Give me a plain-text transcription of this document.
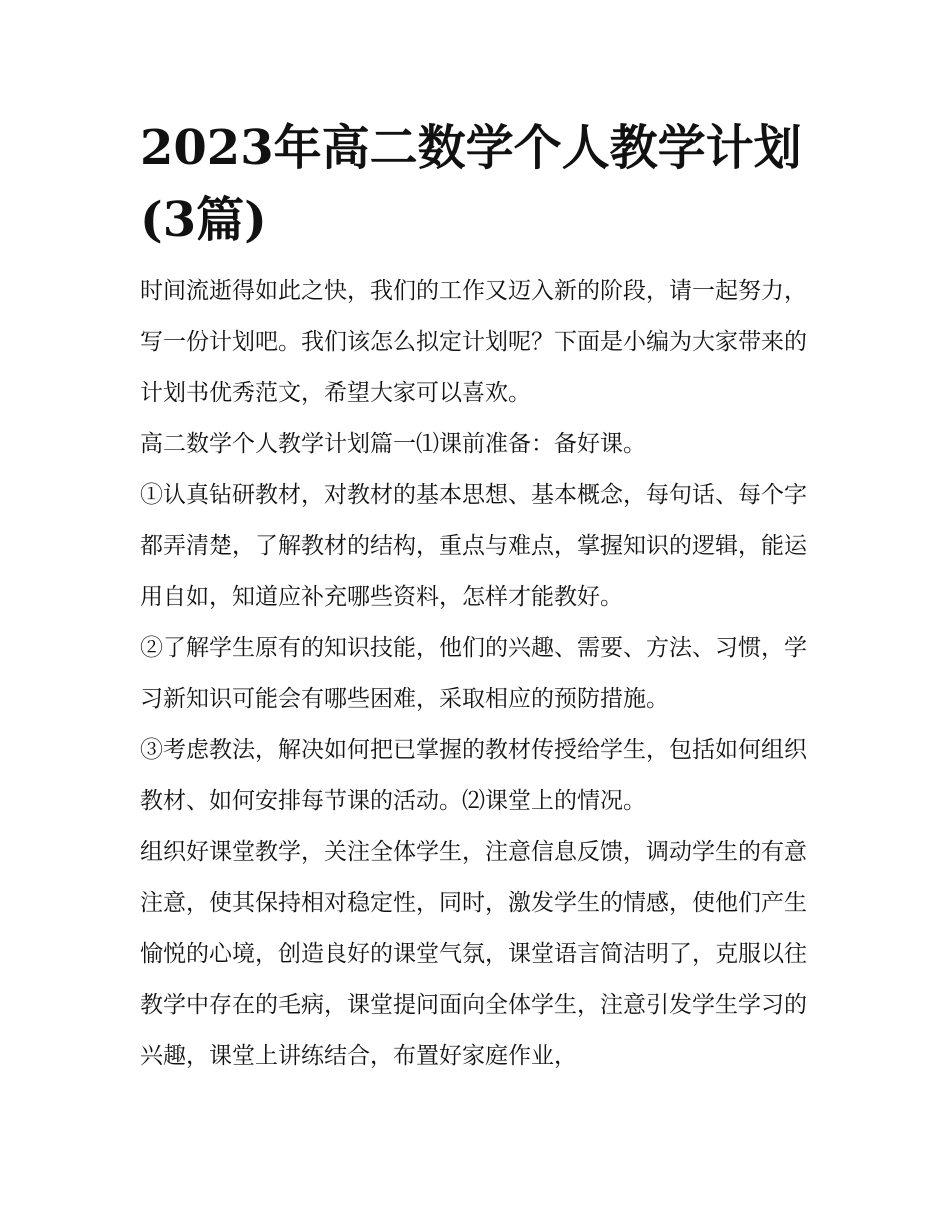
2023年高二数学个人教学计划(3篇)

时间流逝得如此之快，我们的工作又迈入新的阶段，请一起努力，写一份计划吧。我们该怎么拟定计划呢？下面是小编为大家带来的计划书优秀范文，希望大家可以喜欢。

高二数学个人教学计划篇一⑴课前准备：备好课。

①认真钻研教材，对教材的基本思想、基本概念，每句话、每个字都弄清楚，了解教材的结构，重点与难点，掌握知识的逻辑，能运用自如，知道应补充哪些资料，怎样才能教好。

②了解学生原有的知识技能，他们的兴趣、需要、方法、习惯，学习新知识可能会有哪些困难，采取相应的预防措施。

③考虑教法，解决如何把已掌握的教材传授给学生，包括如何组织教材、如何安排每节课的活动。⑵课堂上的情况。

组织好课堂教学，关注全体学生，注意信息反馈，调动学生的有意注意，使其保持相对稳定性，同时，激发学生的情感，使他们产生愉悦的心境，创造良好的课堂气氛，课堂语言简洁明了，克服以往教学中存在的毛病，课堂提问面向全体学生，注意引发学生学习的兴趣，课堂上讲练结合，布置好家庭作业，
